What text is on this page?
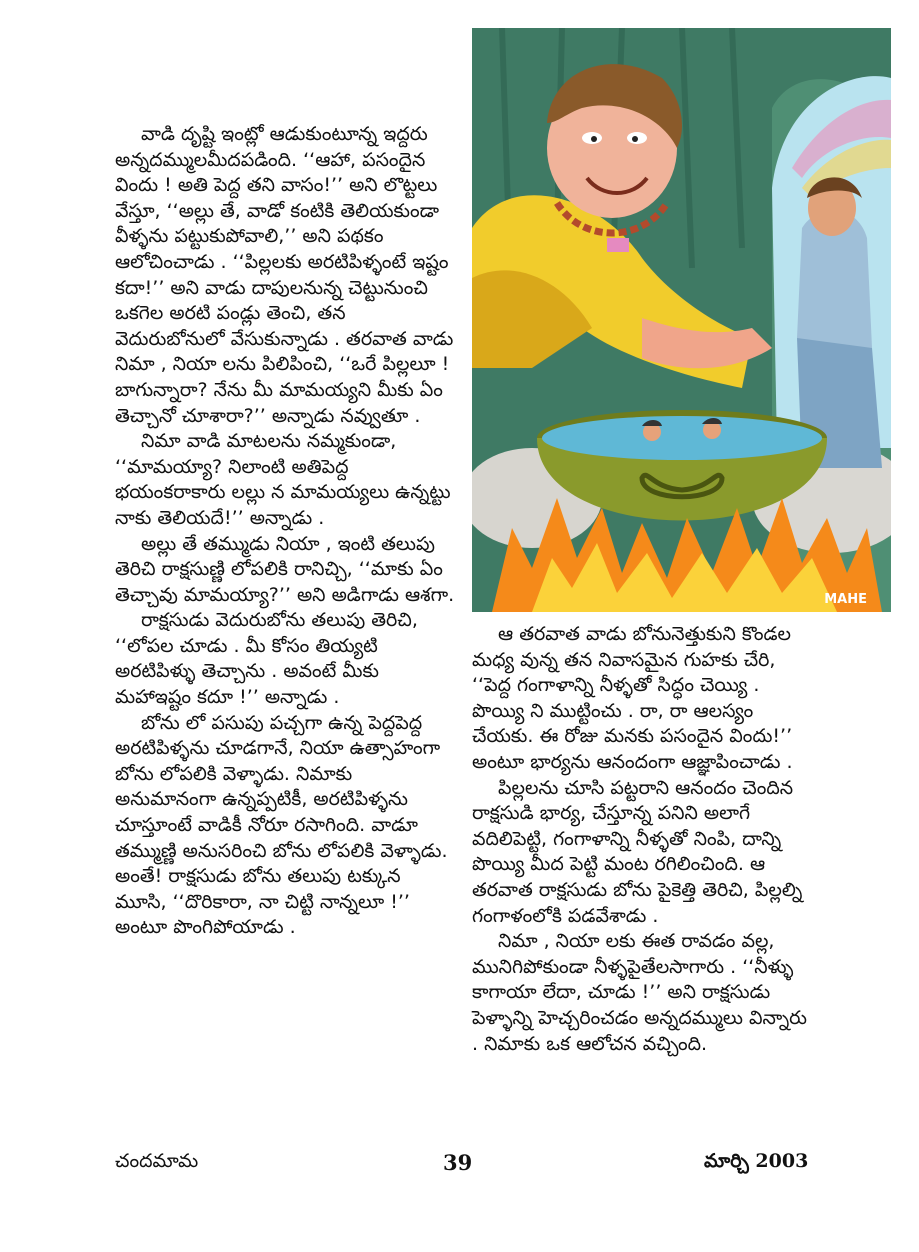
వాడి దృష్టి ఇంట్లో ఆడుకుంటూన్న ఇద్దరు అన్నదమ్ములమీదపడింది. ‘‘ఆహా, పసందైన విందు ! అతి పెద్ద తని వాసం!’’ అని లొట్టలు వేస్తూ, ‘‘అల్లు తే, వాడో కంటికి తెలియకుండా వీళ్ళను పట్టుకుపోవాలి,’’ అని పథకం ఆలోచించాడు . ‘‘పిల్లలకు అరటిపిళ్ళంటే ఇష్టం కదా!’’ అని వాడు దాపులనున్న చెట్టునుంచి ఒకగెల అరటి పండ్లు తెంచి, తన వెదురుబోనులో వేసుకున్నాడు . తరవాత వాడు నిమా , నియా లను పిలిపించి, ‘‘ఒరే పిల్లలూ ! బాగున్నారా? నేను మీ మామయ్యని మీకు ఏం తెచ్చానో చూశారా?’’ అన్నాడు నవ్వుతూ .

నిమా వాడి మాటలను నమ్మకుండా, ‘‘మామయ్యా? నిలాంటి అతిపెద్ద భయంకరాకారు లల్లు న మామయ్యలు ఉన్నట్టు నాకు తెలియదే!’’ అన్నాడు .

అల్లు తే తమ్ముడు నియా , ఇంటి తలుపు తెరిచి రాక్షసుణ్ణి లోపలికి రానిచ్చి, ‘‘మాకు ఏం తెచ్చావు మామయ్యా?’’ అని అడిగాడు ఆశగా.

రాక్షసుడు వెదురుబోను తలుపు తెరిచి, ‘‘లోపల చూడు . మీ కోసం తియ్యటి అరటిపిళ్ళు తెచ్చాను . అవంటే మీకు మహాఇష్టం కదూ !’’ అన్నాడు .

బోను లో పసుపు పచ్చగా ఉన్న పెద్దపెద్ద అరటిపిళ్ళను చూడగానే, నియా ఉత్సాహంగా బోను లోపలికి వెళ్ళాడు. నిమాకు అనుమానంగా ఉన్నప్పటికీ, అరటిపిళ్ళను చూస్తూంటే వాడికీ నోరూ రసాగింది. వాడూ తమ్ముణ్ణి అనుసరించి బోను లోపలికి వెళ్ళాడు. అంతే! రాక్షసుడు బోను తలుపు టక్కున మూసి, ‘‘దొరికారా, నా చిట్టి నాన్నలూ !’’ అంటూ పొంగిపోయాడు .

MAHE

ఆ తరవాత వాడు బోనునెత్తుకుని కొండల మధ్య వున్న తన నివాసమైన గుహకు చేరి, ‘‘పెద్ద గంగాళాన్ని నీళ్ళతో సిద్ధం చెయ్యి . పొయ్యి ని ముట్టించు . రా, రా ఆలస్యం చేయకు. ఈ రోజు మనకు పసందైన విందు!’’ అంటూ భార్యను ఆనందంగా ఆజ్ఞాపించాడు .

పిల్లలను చూసి పట్టరాని ఆనందం చెందిన రాక్షసుడి భార్య, చేస్తూన్న పనిని అలాగే వదిలిపెట్టి, గంగాళాన్ని నీళ్ళతో నింపి, దాన్ని పొయ్యి మీద పెట్టి మంట రగిలించింది. ఆ తరవాత రాక్షసుడు బోను పైకెత్తి తెరిచి, పిల్లల్ని గంగాళంలోకి పడవేశాడు .

నిమా , నియా లకు ఈత రావడం వల్ల, మునిగిపోకుండా నీళ్ళపైతేలసాగారు . ‘‘నీళ్ళు కాగాయా లేదా, చూడు !’’ అని రాక్షసుడు పెళ్ళాన్ని హెచ్చరించడం అన్నదమ్ములు విన్నారు . నిమాకు ఒక ఆలోచన వచ్చింది.

చందమామ	39	మార్చి 2003
